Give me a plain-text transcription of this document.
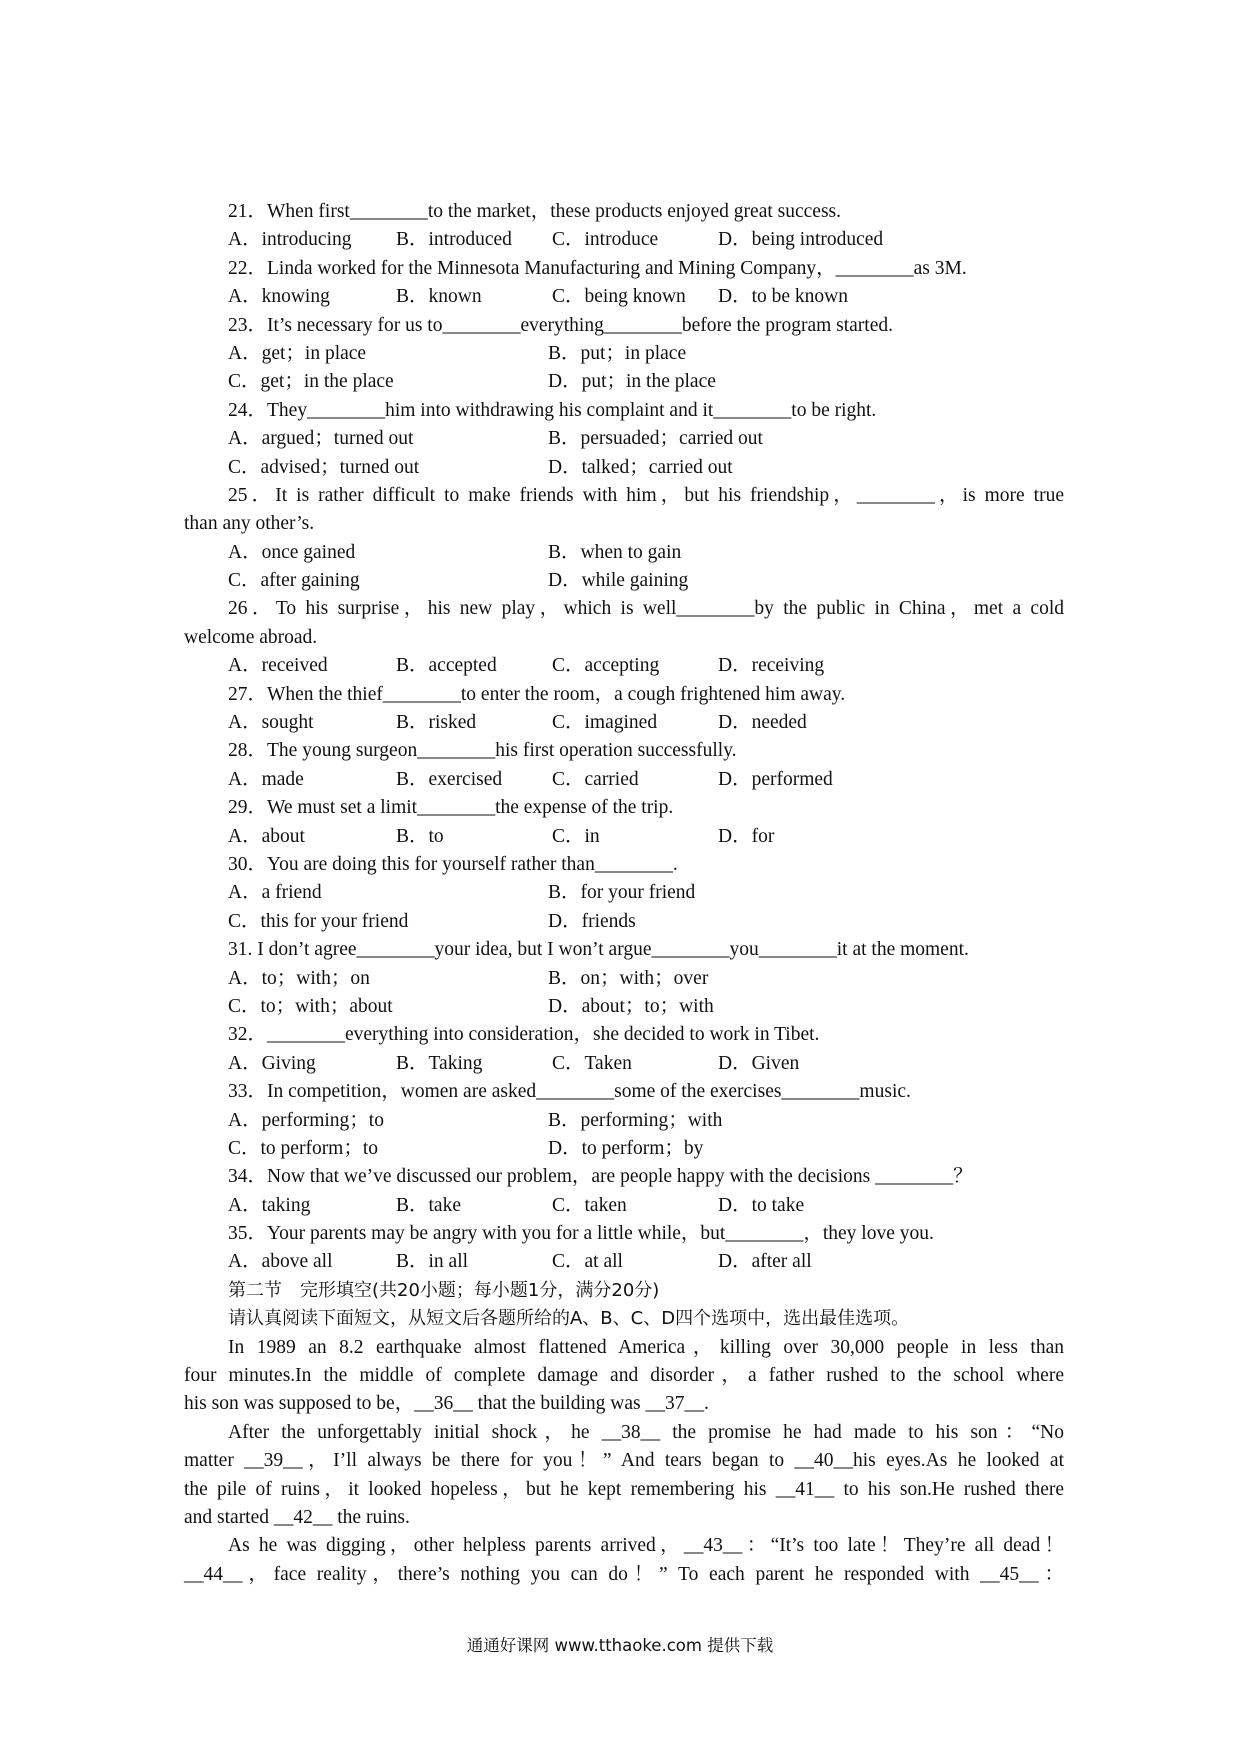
21．When first________to the market，these products enjoyed great success.
A．introducing B．introduced C．introduce	D．being introduced
22．Linda worked for the Minnesota Manufacturing and Mining Company，________as 3M.
A．knowing	B．known	C．being known D．to be known
23．It’s necessary for us to________everything________before the program started.
A．get；in place	B．put；in place
C．get；in the place	D．put；in the place
24．They________him into withdrawing his complaint and it________to be right.
A．argued；turned out	B．persuaded；carried out
C．advised；turned out	D．talked；carried out
25．It is rather difficult to make friends with him，but his friendship，________，is more true
than any other’s.
A．once gained	B．when to gain
C．after gaining	D．while gaining
26．To his surprise，his new play，which is well________by the public in China，met a cold
welcome abroad.
A．received	B．accepted	C．accepting	D．receiving
27．When the thief________to enter the room，a cough frightened him away.
A．sought	B．risked	C．imagined	D．needed
28．The young surgeon________his first operation successfully.
A．made	B．exercised	C．carried	D．performed
29．We must set a limit________the expense of the trip.
A．about	B．to	C．in	D．for
30．You are doing this for yourself rather than________.
A．a friend	B．for your friend
C．this for your friend	D．friends
31. I don’t agree________your idea, but I won’t argue________you________it at the moment.
A．to；with；on	B．on；with；over
C．to；with；about	D．about；to；with
32．________everything into consideration，she decided to work in Tibet.
A．Giving	B．Taking	C．Taken	D．Given
33．In competition，women are asked________some of the exercises________music.
A．performing；to	B．performing；with
C．to perform；to	D．to perform；by
34．Now that we’ve discussed our problem，are people happy with the decisions ________？
A．taking	B．take	C．taken	D．to take
35．Your parents may be angry with you for a little while，but________，they love you.
A．above all	B．in all	C．at all	D．after all
第二节　完形填空(共20小题；每小题1分，满分20分)
请认真阅读下面短文，从短文后各题所给的A、B、C、D四个选项中，选出最佳选项。
In 1989 an 8.2 earthquake almost flattened America，killing over 30,000 people in less than
four minutes.In the middle of complete damage and disorder，a father rushed to the school where
his son was supposed to be，__36__ that the building was __37__.
After the unforgettably initial shock，he __38__ the promise he had made to his son：“No
matter __39__，I’ll always be there for you！” And tears began to __40__his eyes.As he looked at
the pile of ruins，it looked hopeless，but he kept remembering his __41__ to his son.He rushed there
and started __42__ the ruins.
As he was digging，other helpless parents arrived，__43__：“It’s too late！They’re all dead！
__44__，face reality，there’s nothing you can do！” To each parent he responded with __45__：
通通好课网 www.tthaoke.com 提供下载
